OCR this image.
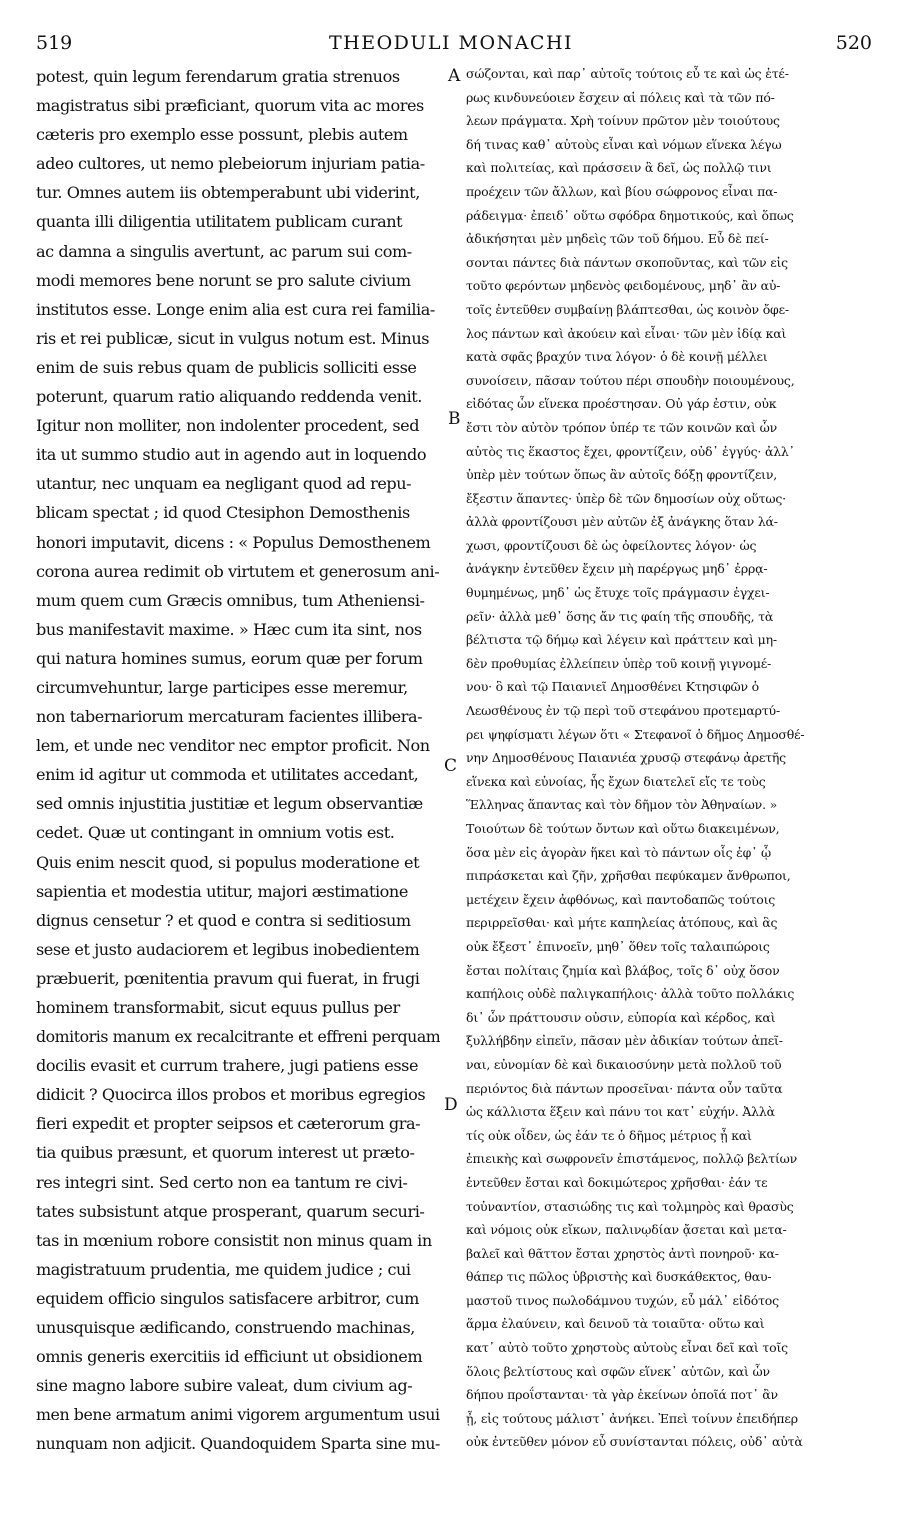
519	THEODULI MONACHI	520
potest, quin legum ferendarum gratia strenuos
magistratus sibi præficiant, quorum vita ac mores
cæteris pro exemplo esse possunt, plebis autem
adeo cultores, ut nemo plebeiorum injuriam patia-
tur. Omnes autem iis obtemperabunt ubi viderint,
quanta illi diligentia utilitatem publicam curant
ac damna a singulis avertunt, ac parum sui com-
modi memores bene norunt se pro salute civium
institutos esse. Longe enim alia est cura rei familia-
ris et rei publicæ, sicut in vulgus notum est. Minus
enim de suis rebus quam de publicis solliciti esse
poterunt, quarum ratio aliquando reddenda venit.
Igitur non molliter, non indolenter procedent, sed
ita ut summo studio aut in agendo aut in loquendo
utantur, nec unquam ea negligant quod ad repu-
blicam spectat ; id quod Ctesiphon Demosthenis
honori imputavit, dicens : « Populus Demosthenem
corona aurea redimit ob virtutem et generosum ani-
mum quem cum Græcis omnibus, tum Atheniensi-
bus manifestavit maxime. » Hæc cum ita sint, nos
qui natura homines sumus, eorum quæ per forum
circumvehuntur, large participes esse meremur,
non tabernariorum mercaturam facientes illibera-
lem, et unde nec venditor nec emptor proficit. Non
enim id agitur ut commoda et utilitates accedant,
sed omnis injustitia justitiæ et legum observantiæ
cedet. Quæ ut contingant in omnium votis est.
Quis enim nescit quod, si populus moderatione et
sapientia et modestia utitur, majori æstimatione
dignus censetur ? et quod e contra si seditiosum
sese et justo audaciorem et legibus inobedientem
præbuerit, pœnitentia pravum qui fuerat, in frugi
hominem transformabit, sicut equus pullus per
domitoris manum ex recalcitrante et effreni perquam
docilis evasit et currum trahere, jugi patiens esse
didicit ? Quocirca illos probos et moribus egregios
fieri expedit et propter seipsos et cæterorum gra-
tia quibus præsunt, et quorum interest ut præto-
res integri sint. Sed certo non ea tantum re civi-
tates subsistunt atque prosperant, quarum securi-
tas in mœnium robore consistit non minus quam in
magistratuum prudentia, me quidem judice ; cui
equidem officio singulos satisfacere arbitror, cum
unusquisque ædificando, construendo machinas,
omnis generis exercitiis id efficiunt ut obsidionem
sine magno labore subire valeat, dum civium ag-
men bene armatum animi vigorem argumentum usui
nunquam non adjicit. Quandoquidem Sparta sine mu-
σώζονται, καὶ παρ᾽ αὐτοῖς τούτοις εὖ τε καὶ ὡς ἑτέ-
ρως κινδυνεύοιεν ἔσχειν αἱ πόλεις καὶ τὰ τῶν πό-
λεων πράγματα. Χρὴ τοίνυν πρῶτον μὲν τοιούτους
δή τινας καθ᾽ αὐτοὺς εἶναι καὶ νόμων εἵνεκα λέγω
καὶ πολιτείας, καὶ πράσσειν ἃ δεῖ, ὡς πολλῷ τινι
προέχειν τῶν ἄλλων, καὶ βίου σώφρονος εἶναι πα-
ράδειγμα· ἐπειδ᾽ οὕτω σφόδρα δημοτικούς, καὶ ὅπως
ἀδικήσηται μὲν μηδεὶς τῶν τοῦ δήμου. Εὖ δὲ πεί-
σονται πάντες διὰ πάντων σκοποῦντας, καὶ τῶν εἰς
τοῦτο φερόντων μηδενὸς φειδομένους, μηδ᾽ ἂν αὐ-
τοῖς ἐντεῦθεν συμβαίνῃ βλάπτεσθαι, ὡς κοινὸν ὄφε-
λος πάντων καὶ ἀκούειν καὶ εἶναι· τῶν μὲν ἰδίᾳ καὶ
κατὰ σφᾶς βραχύν τινα λόγον· ὁ δὲ κοινῇ μέλλει
συνοίσειν, πᾶσαν τούτου πέρι σπουδὴν ποιουμένους,
εἰδότας ὧν εἵνεκα προέστησαν. Οὐ γάρ ἐστιν, οὐκ
ἔστι τὸν αὐτὸν τρόπον ὑπέρ τε τῶν κοινῶν καὶ ὧν
αὐτὸς τις ἕκαστος ἔχει, φροντίζειν, οὐδ᾽ ἐγγύς· ἀλλ᾽
ὑπὲρ μὲν τούτων ὅπως ἂν αὐτοῖς δόξῃ φροντίζειν,
ἔξεστιν ἅπαντες· ὑπὲρ δὲ τῶν δημοσίων οὐχ οὕτως·
ἀλλὰ φροντίζουσι μὲν αὐτῶν ἐξ ἀνάγκης ὅταν λά-
χωσι, φροντίζουσι δὲ ὡς ὀφείλοντες λόγον· ὡς
ἀνάγκην ἐντεῦθεν ἔχειν μὴ παρέργως μηδ᾽ ἐρρᾳ-
θυμημένως, μηδ᾽ ὡς ἔτυχε τοῖς πράγμασιν ἐγχει-
ρεῖν· ἀλλὰ μεθ᾽ ὅσης ἄν τις φαίη τῆς σπουδῆς, τὰ
βέλτιστα τῷ δήμῳ καὶ λέγειν καὶ πράττειν καὶ μη-
δὲν προθυμίας ἐλλείπειν ὑπὲρ τοῦ κοινῇ γιγνομέ-
νου· ὃ καὶ τῷ Παιανιεῖ Δημοσθένει Κτησιφῶν ὁ
Λεωσθένους ἐν τῷ περὶ τοῦ στεφάνου προτεμαρτύ-
ρει ψηφίσματι λέγων ὅτι « Στεφανοῖ ὁ δῆμος Δημοσθέ-
νην Δημοσθένους Παιανιέα χρυσῷ στεφάνῳ ἀρετῆς
εἵνεκα καὶ εὐνοίας, ἧς ἔχων διατελεῖ εἴς τε τοὺς
Ἕλληνας ἅπαντας καὶ τὸν δῆμον τὸν Ἀθηναίων. »
Τοιούτων δὲ τούτων ὄντων καὶ οὕτω διακειμένων,
ὅσα μὲν εἰς ἀγορὰν ἥκει καὶ τὸ πάντων οἷς ἐφ᾽ ᾧ
πιπράσκεται καὶ ζῆν, χρῆσθαι πεφύκαμεν ἄνθρωποι,
μετέχειν ἔχειν ἀφθόνως, καὶ παντοδαπῶς τούτοις
περιρρεῖσθαι· καὶ μήτε καπηλείας ἀτόπους, καὶ ἃς
οὐκ ἔξεστ᾽ ἐπινοεῖν, μηθ᾽ ὅθεν τοῖς ταλαιπώροις
ἔσται πολίταις ζημία καὶ βλάβος, τοῖς δ᾽ οὐχ ὅσον
καπήλοις οὐδὲ παλιγκαπήλοις· ἀλλὰ τοῦτο πολλάκις
δι᾽ ὧν πράττουσιν οὐσιν, εὐπορία καὶ κέρδος, καὶ
ξυλλήβδην εἰπεῖν, πᾶσαν μὲν ἀδικίαν τούτων ἀπεῖ-
ναι, εὐνομίαν δὲ καὶ δικαιοσύνην μετὰ πολλοῦ τοῦ
περιόντος διὰ πάντων προσεῖναι· πάντα οὖν ταῦτα
ὡς κάλλιστα ἕξειν καὶ πάνυ τοι κατ᾽ εὐχήν. Ἀλλὰ
τίς οὐκ οἶδεν, ὡς ἐάν τε ὁ δῆμος μέτριος ᾖ καὶ
ἐπιεικὴς καὶ σωφρονεῖν ἐπιστάμενος, πολλῷ βελτίων
ἐντεῦθεν ἔσται καὶ δοκιμώτερος χρῆσθαι· ἐάν τε
τοὐναντίον, στασιώδης τις καὶ τολμηρὸς καὶ θρασὺς
καὶ νόμοις οὐκ εἴκων, παλινῳδίαν ᾄσεται καὶ μετα-
βαλεῖ καὶ θᾶττον ἔσται χρηστὸς ἀντὶ πονηροῦ· κα-
θάπερ τις πῶλος ὑβριστὴς καὶ δυσκάθεκτος, θαυ-
μαστοῦ τινος πωλοδάμνου τυχών, εὖ μάλ᾽ εἰδότος
ἅρμα ἐλαύνειν, καὶ δεινοῦ τὰ τοιαῦτα· οὕτω καὶ
κατ᾽ αὐτὸ τοῦτο χρηστοὺς αὐτοὺς εἶναι δεῖ καὶ τοῖς
ὅλοις βελτίστους καὶ σφῶν εἵνεκ᾽ αὐτῶν, καὶ ὧν
δήπου προΐστανται· τὰ γὰρ ἐκείνων ὁποῖά ποτ᾽ ἂν
ᾖ, εἰς τούτους μάλιστ᾽ ἀνήκει. Ἐπεὶ τοίνυν ἐπειδήπερ
οὐκ ἐντεῦθεν μόνον εὖ συνίστανται πόλεις, οὐδ᾽ αὐτὰ
A
B
C
D
